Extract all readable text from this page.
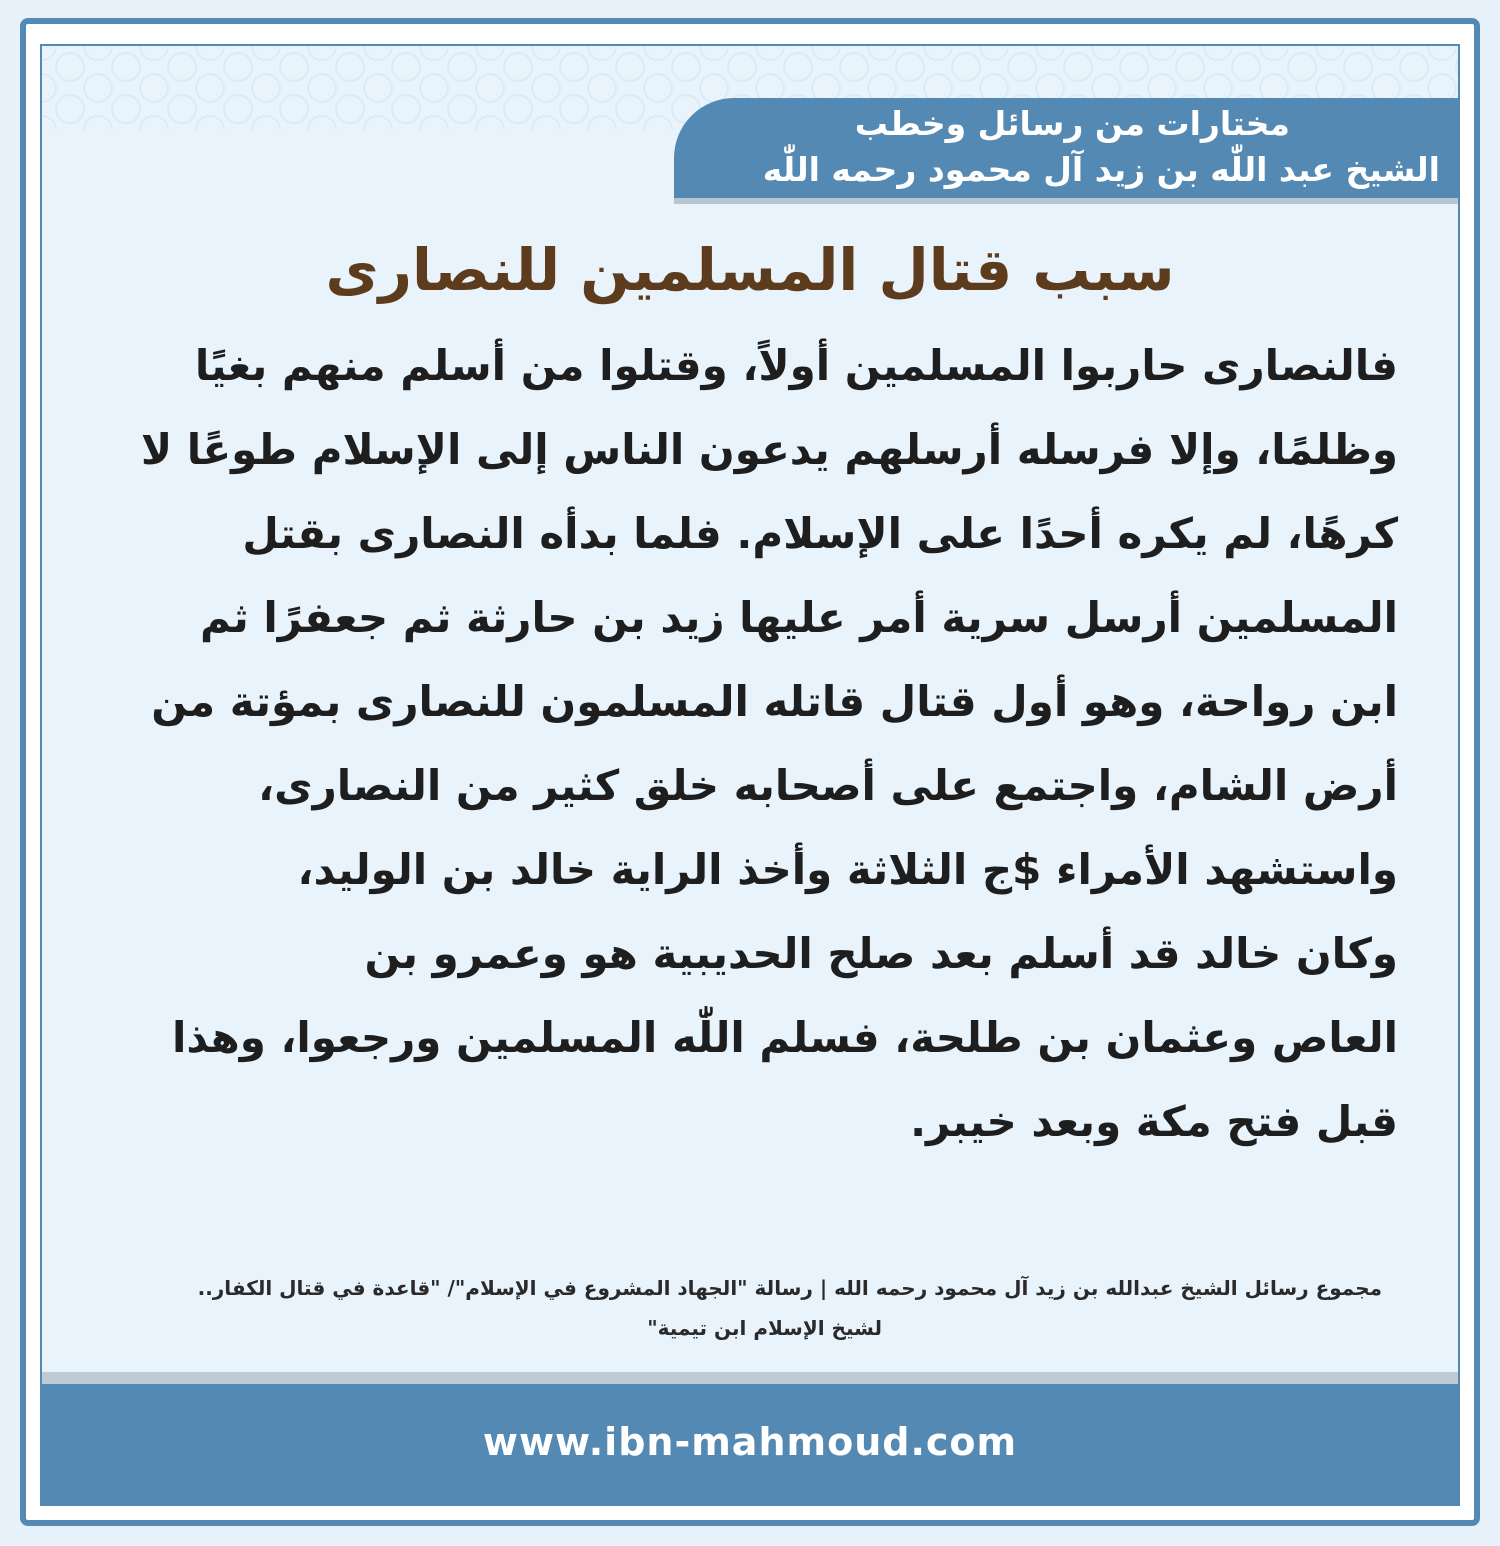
مختارات من رسائل وخطب
الشيخ عبد اللّٰه بن زيد آل محمود رحمه اللّٰه
سبب قتال المسلمين للنصارى
فالنصارى حاربوا المسلمين أولاً، وقتلوا من أسلم منهم بغيًا
وظلمًا، وإلا فرسله أرسلهم يدعون الناس إلى الإسلام طوعًا لا
كرهًا، لم يكره أحدًا على الإسلام. فلما بدأه النصارى بقتل
المسلمين أرسل سرية أمر عليها زيد بن حارثة ثم جعفرًا ثم
ابن رواحة، وهو أول قتال قاتله المسلمون للنصارى بمؤتة من
أرض الشام، واجتمع على أصحابه خلق كثير من النصارى،
واستشهد الأمراء $ج الثلاثة وأخذ الراية خالد بن الوليد،
وكان خالد قد أسلم بعد صلح الحديبية هو وعمرو بن
العاص وعثمان بن طلحة، فسلم اللّٰه المسلمين ورجعوا، وهذا
قبل فتح مكة وبعد خيبر.
مجموع رسائل الشيخ عبدالله بن زيد آل محمود رحمه الله | رسالة "الجهاد المشروع في الإسلام"/ "قاعدة في قتال الكفار..
لشيخ الإسلام ابن تيمية"
www.ibn-mahmoud.com
